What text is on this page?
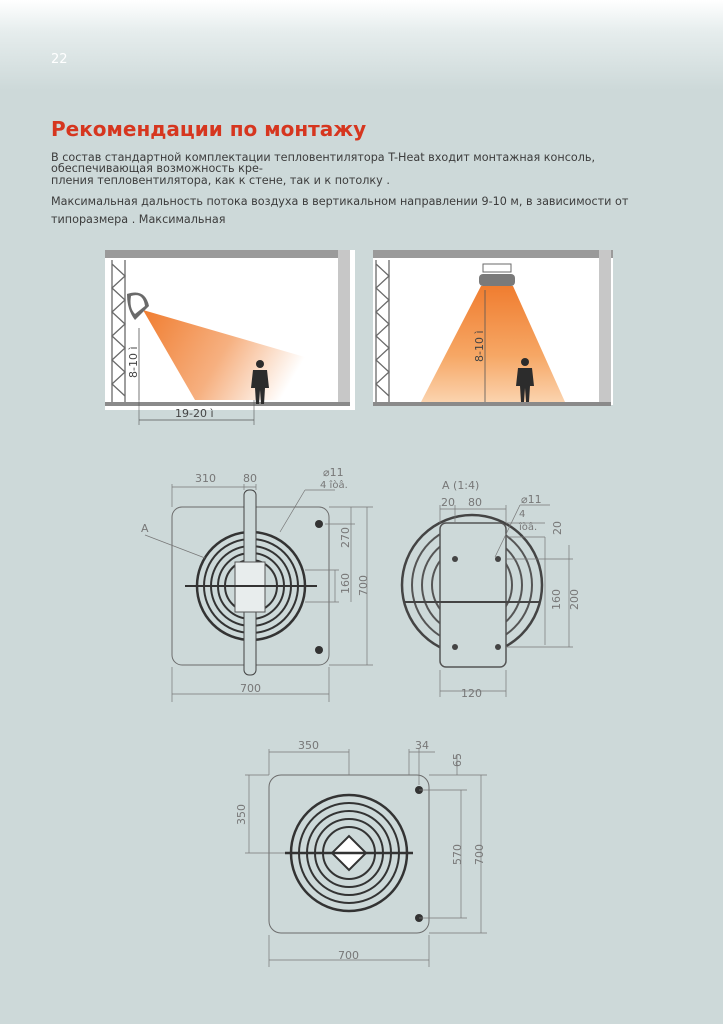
22
Рекомендации по монтажу

В состав стандартной комплектации тепловентилятора T-Heat входит монтажная консоль, обеспечивающая возможность кре-

пления тепловентилятора, как к стене, так и к потолку .

Максимальная дальность потока воздуха в вертикальном направлении 9-10 м, в зависимости от

типоразмера . Максимальная

8-10 ì
19-20 ì
8-10 ì
310 80	⌀11
4 îòâ.
A	270
160 700
700
A (1:4)
20 80	⌀11
4
îòâ. 20
160 200
120
350	34
65
350
570 700
700
